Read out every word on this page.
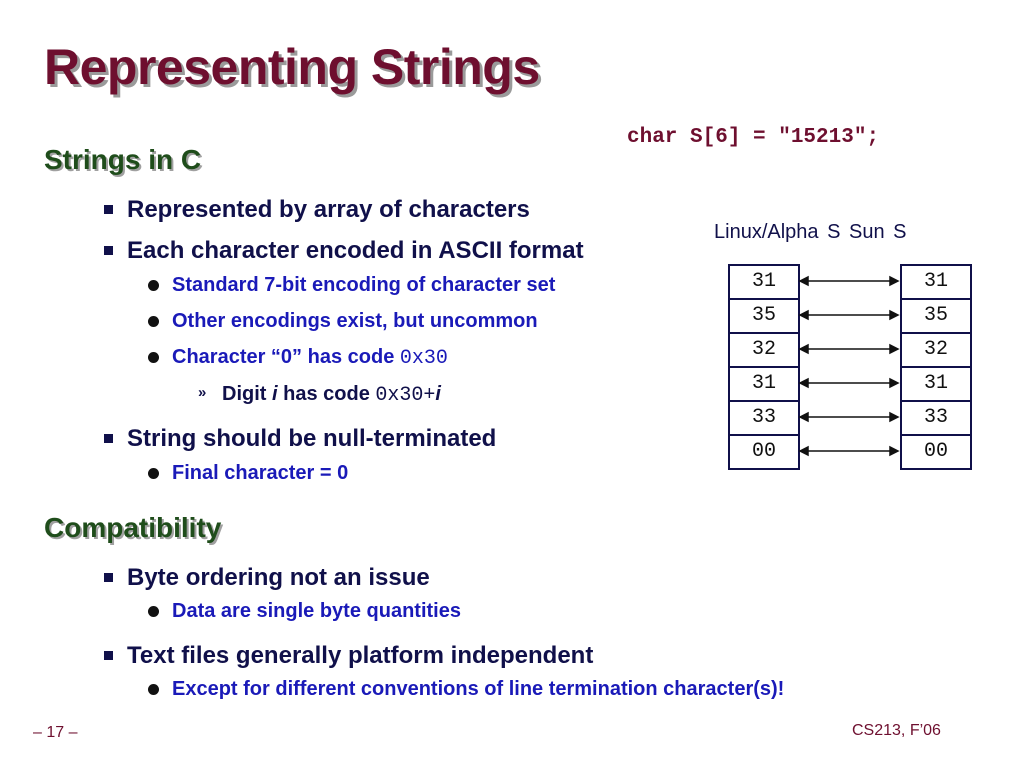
Representing Strings
char S[6] = "15213";
Strings in C
Represented by array of characters
Each character encoded in ASCII format
Standard 7-bit encoding of character set
Other encodings exist, but uncommon
Character “0” has code 0x30
» Digit i has code 0x30+i
String should be null-terminated
Final character = 0
Compatibility
Byte ordering not an issue
Data are single byte quantities
Text files generally platform independent
Except for different conventions of line termination character(s)!
Linux/Alpha S Sun S
31
35
32
31
33
00
31
35
32
31
33
00
– 17 –	CS213, F’06
